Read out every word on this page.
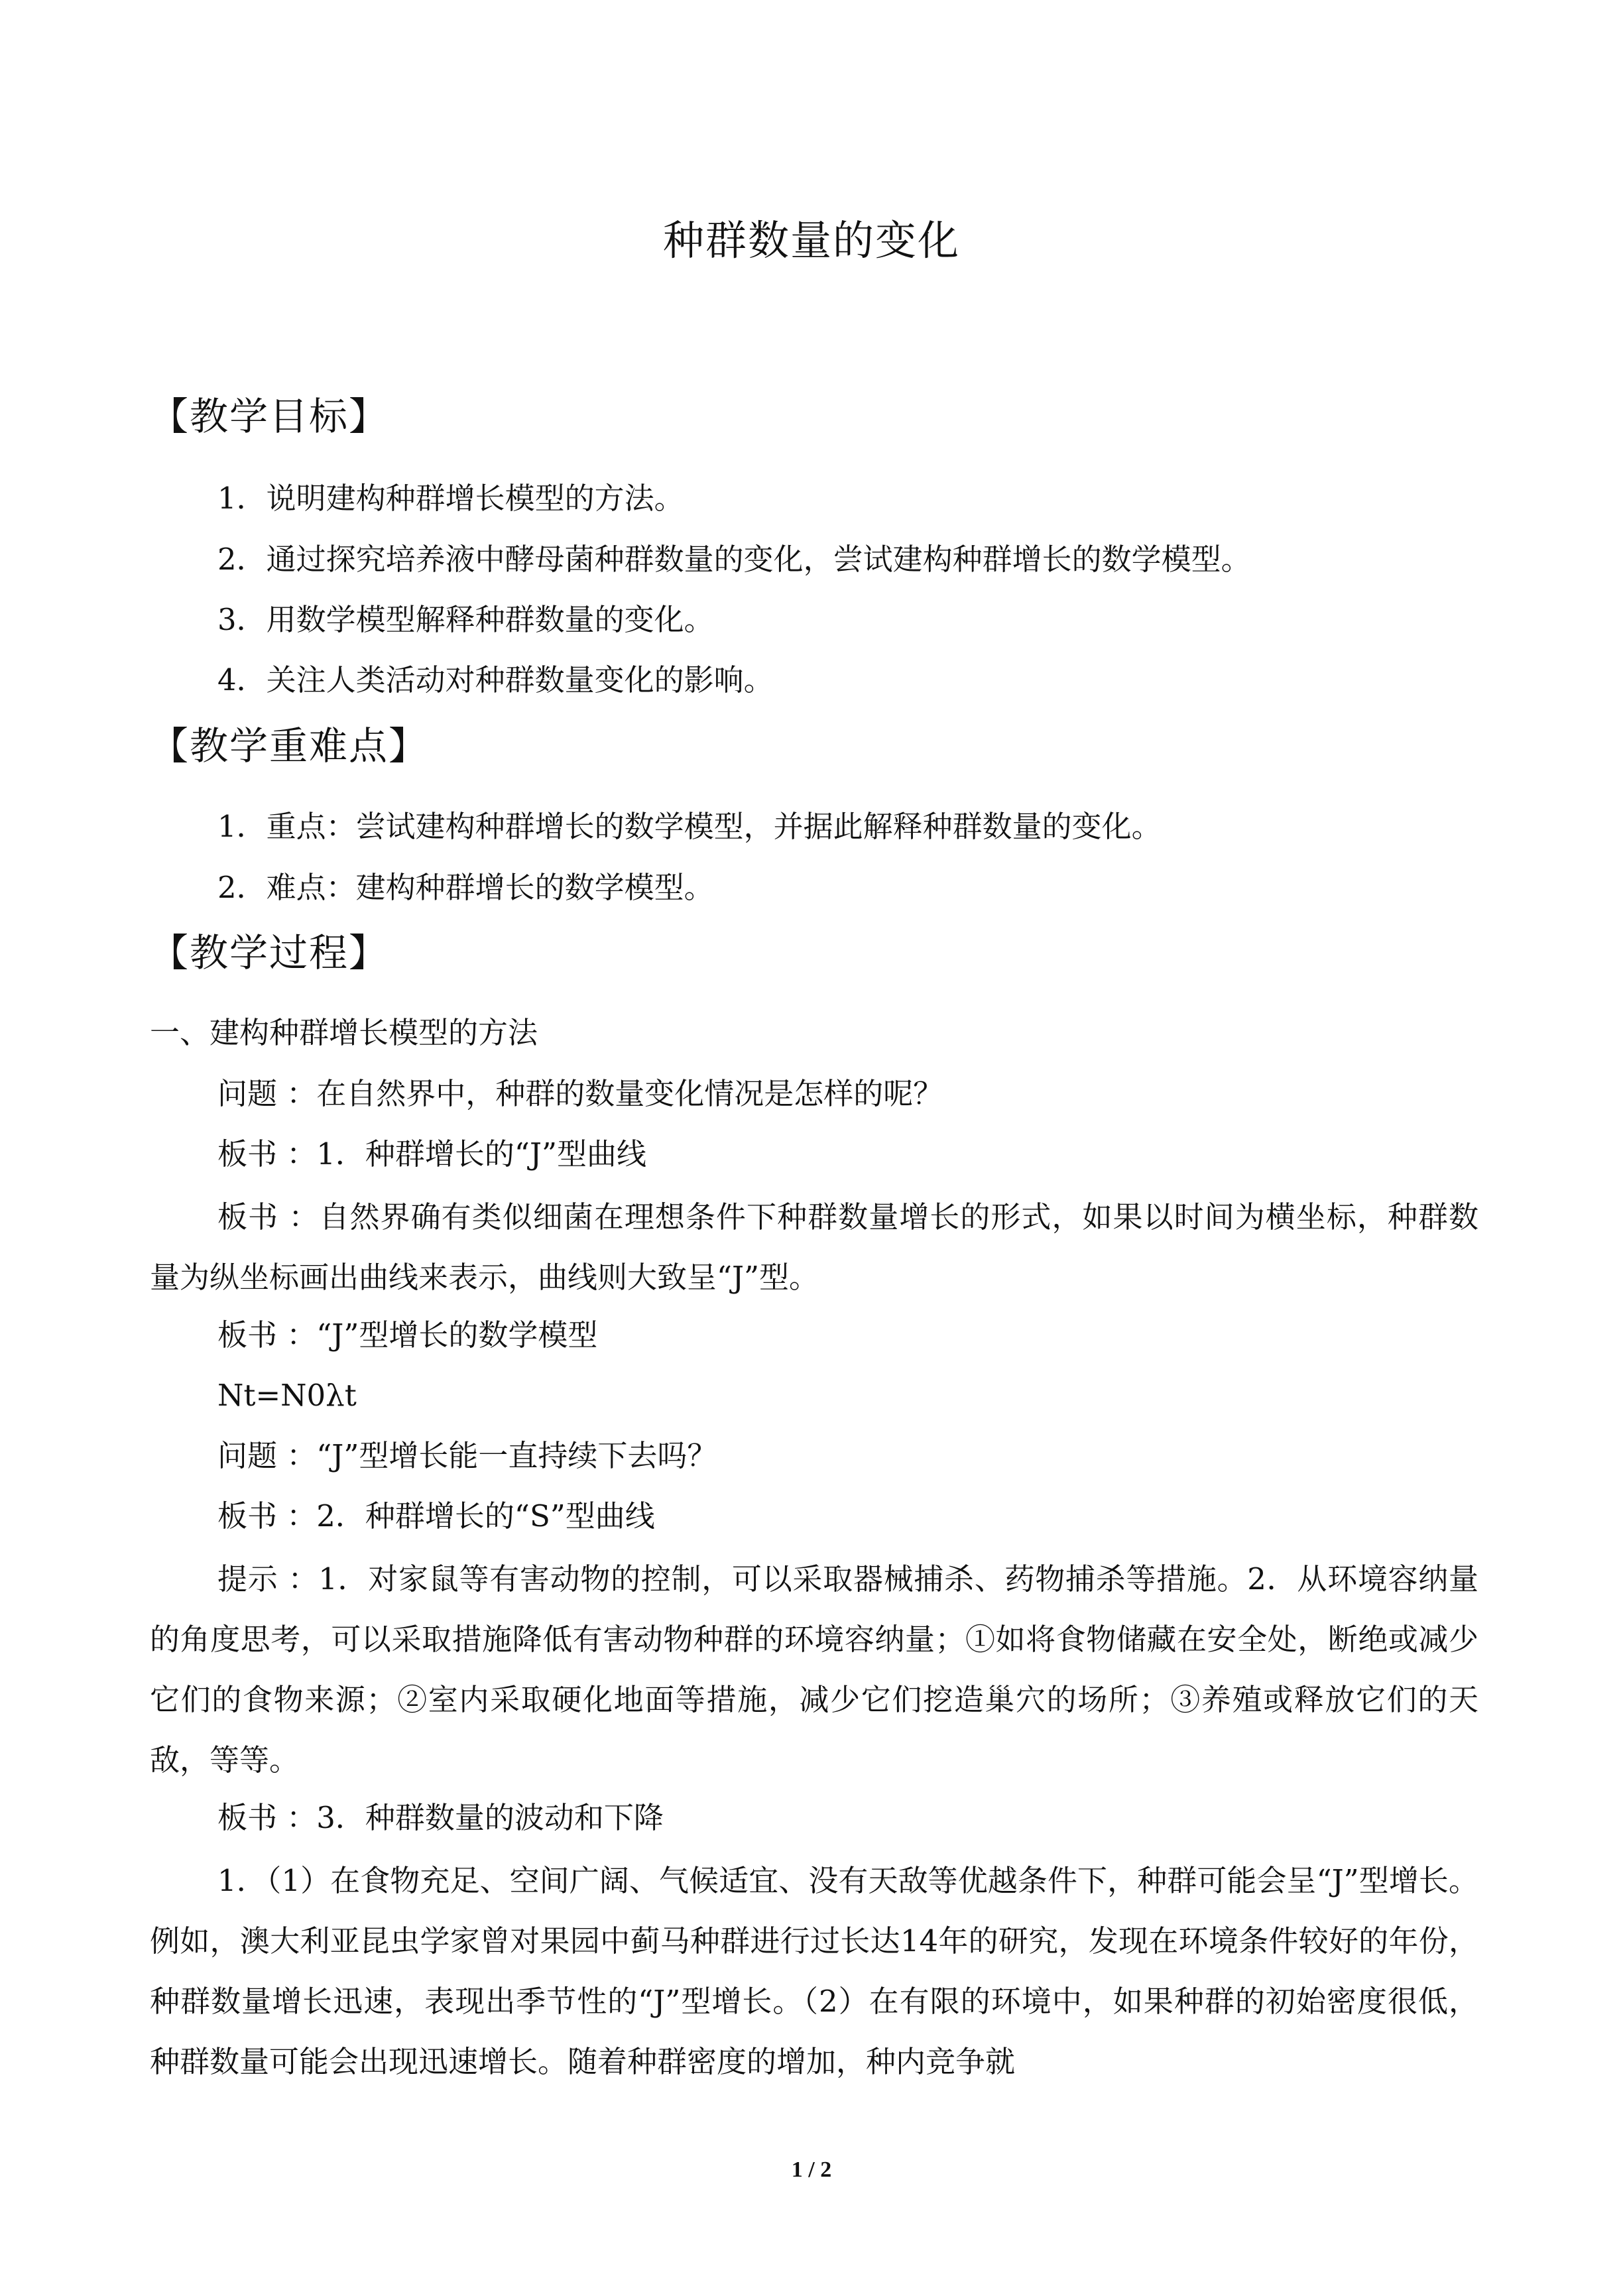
种群数量的变化
【教学目标】
1．说明建构种群增长模型的方法。
2．通过探究培养液中酵母菌种群数量的变化，尝试建构种群增长的数学模型。
3．用数学模型解释种群数量的变化。
4．关注人类活动对种群数量变化的影响。
【教学重难点】
1．重点：尝试建构种群增长的数学模型，并据此解释种群数量的变化。
2．难点：建构种群增长的数学模型。
【教学过程】
一、建构种群增长模型的方法
问题 ：在自然界中，种群的数量变化情况是怎样的呢？
板书 ：1．种群增长的“J”型曲线

板书 ：自然界确有类似细菌在理想条件下种群数量增长的形式，如果以时间为横坐标，种群数量为纵坐标画出曲线来表示，曲线则大致呈“J”型。

板书 ：“J”型增长的数学模型
Nt=N0λt
问题 ：“J”型增长能一直持续下去吗？
板书 ：2．种群增长的“S”型曲线

提示 ：1．对家鼠等有害动物的控制，可以采取器械捕杀、药物捕杀等措施。2．从环境容纳量的角度思考，可以采取措施降低有害动物种群的环境容纳量；①如将食物储藏在安全处，断绝或减少它们的食物来源；②室内采取硬化地面等措施，减少它们挖造巢穴的场所；③养殖或释放它们的天敌，等等。

板书 ：3．种群数量的波动和下降

1．（1）在食物充足、空间广阔、气候适宜、没有天敌等优越条件下，种群可能会呈“J”型增长。例如，澳大利亚昆虫学家曾对果园中蓟马种群进行过长达14年的研究，发现在环境条件较好的年份，种群数量增长迅速，表现出季节性的“J”型增长。（2）在有限的环境中，如果种群的初始密度很低，种群数量可能会出现迅速增长。随着种群密度的增加，种内竞争就

1 / 2
